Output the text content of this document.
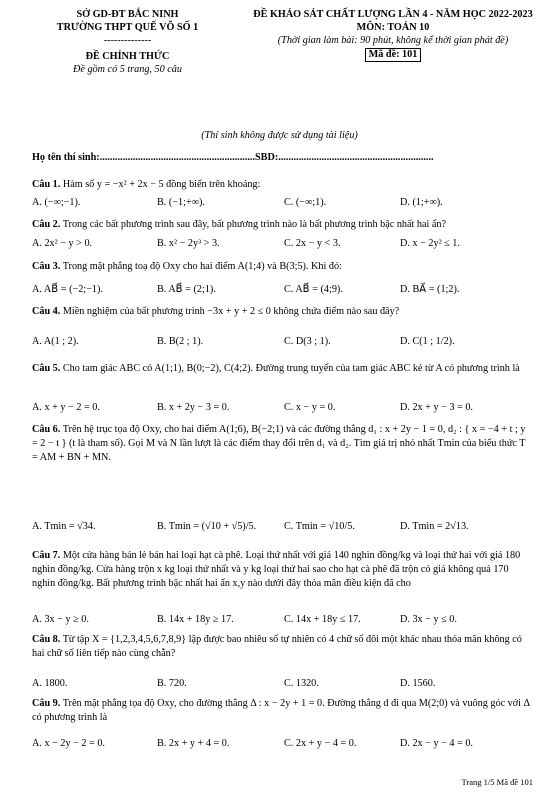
SỞ GD-ĐT BẮC NINH
TRƯỜNG THPT QUẾ VÕ SỐ 1
--------------
ĐỀ CHÍNH THỨC
Đề gồm có 5 trang, 50 câu
ĐỀ KHẢO SÁT CHẤT LƯỢNG LẦN 4 - NĂM HỌC 2022-2023
MÔN: TOÁN 10
(Thời gian làm bài: 90 phút, không kể thời gian phát đề)
Mã đề: 101
(Thí sinh không được sử dụng tài liệu)
Họ tên thí sinh:.............................................................SBD:.............................................................
Câu 1. Hàm số y = −x² + 2x − 5 đồng biến trên khoảng:
A. (−∞;−1).	B. (−1;+∞).	C. (−∞;1).	D. (1;+∞).
Câu 2. Trong các bất phương trình sau đây, bất phương trình nào là bất phương trình bậc nhất hai ẩn?
A. 2x² − y > 0.	B. x² − 2y³ > 3.	C. 2x − y < 3.	D. x − 2y² ≤ 1.
Câu 3. Trong mặt phẳng toạ độ Oxy cho hai điểm A(1;4) và B(3;5). Khi đó:
A. AB⃗ = (−2;−1).	B. AB⃗ = (2;1).	C. AB⃗ = (4;9).	D. BA⃗ = (1;2).
Câu 4. Miền nghiệm của bất phương trình −3x + y + 2 ≤ 0 không chứa điểm nào sau đây?
A. A(1 ; 2).	B. B(2 ; 1).	C. D(3 ; 1).	D. C(1 ; 1/2).
Câu 5. Cho tam giác ABC có A(1;1), B(0;−2), C(4;2). Đường trung tuyến của tam giác ABC kẻ từ A có phương trình là
A. x + y − 2 = 0.	B. x + 2y − 3 = 0.	C. x − y = 0.	D. 2x + y − 3 = 0.
Câu 6. Trên hệ trục tọa độ Oxy, cho hai điểm A(1;6), B(−2;1) và các đường thẳng d₁ : x + 2y − 1 = 0, d₂ : { x = −4 + t ; y = 2 − t } (t là tham số). Gọi M và N lần lượt là các điểm thay đổi trên d₁ và d₂. Tìm giá trị nhỏ nhất Tmin của biểu thức T = AM + BN + MN.
A. Tmin = √34.	B. Tmin = (√10 + √5)/5.	C. Tmin = √10/5.	D. Tmin = 2√13.
Câu 7. Một cửa hàng bán lẻ bán hai loại hạt cà phê. Loại thứ nhất với giá 140 nghìn đồng/kg và loại thứ hai với giá 180 nghìn đồng/kg. Cửa hàng trộn x kg loại thứ nhất và y kg loại thứ hai sao cho hạt cà phê đã trộn có giá không quá 170 nghìn đồng/kg. Bất phương trình bậc nhất hai ẩn x,y nào dưới đây thỏa mãn điều kiện đã cho
A. 3x − y ≥ 0.	B. 14x + 18y ≥ 17.	C. 14x + 18y ≤ 17.	D. 3x − y ≤ 0.
Câu 8. Từ tập X = {1,2,3,4,5,6,7,8,9} lập được bao nhiêu số tự nhiên có 4 chữ số đôi một khác nhau thỏa mãn không có hai chữ số liên tiếp nào cùng chẵn?
A. 1800.	B. 720.	C. 1320.	D. 1560.
Câu 9. Trên mặt phẳng tọa độ Oxy, cho đường thẳng Δ : x − 2y + 1 = 0. Đường thẳng d đi qua M(2;0) và vuông góc với Δ có phương trình là
A. x − 2y − 2 = 0.	B. 2x + y + 4 = 0.	C. 2x + y − 4 = 0.	D. 2x − y − 4 = 0.
Trang 1/5 Mã đề 101
